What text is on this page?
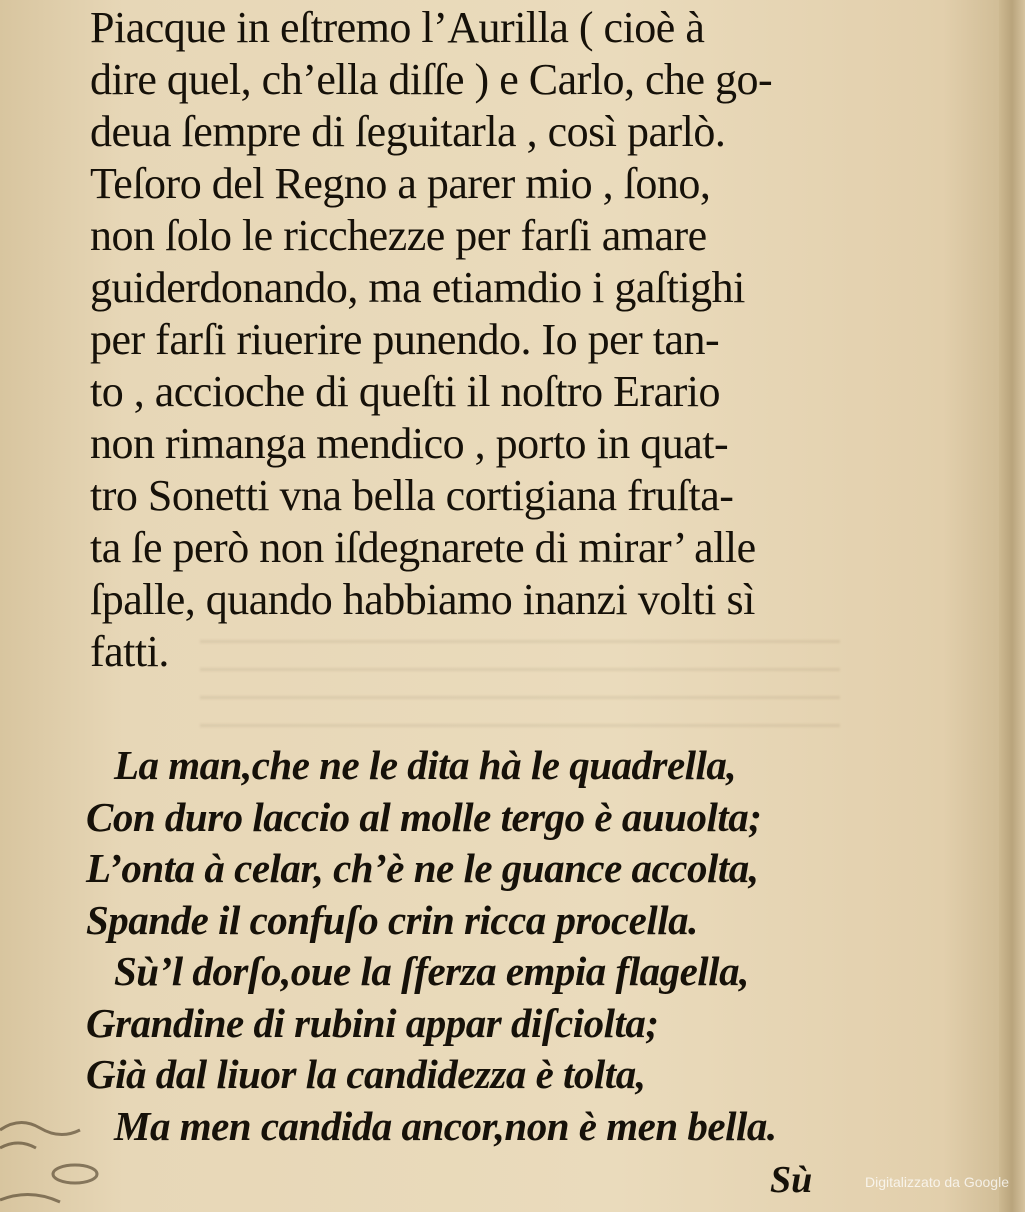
Piacque in eſtremo l’Aurilla ( cioè à
dire quel, ch’ella diſſe ) e Carlo, che go-
deua ſempre di ſeguitarla , così parlò.
Teſoro del Regno a parer mio , ſono,
non ſolo le ricchezze per farſi amare
guiderdonando, ma etiamdio i gaſtighi
per farſi riuerire punendo. Io per tan-
to , accioche di queſti il noſtro Erario
non rimanga mendico , porto in quat-
tro Sonetti vna bella cortigiana fruſta-
ta ſe però non iſdegnarete di mirar’ alle
ſpalle, quando habbiamo inanzi volti sì
fatti.
La man,che ne le dita hà le quadrella,
Con duro laccio al molle tergo è auuolta;
L’onta à celar, ch’è ne le guance accolta,
Spande il confuſo crin ricca procella.
Sù’l dorſo,oue la ſferza empia flagella,
Grandine di rubini appar diſciolta;
Già dal liuor la candidezza è tolta,
Ma men candida ancor,non è men bella.
Sù	Digitalizzato da Google
